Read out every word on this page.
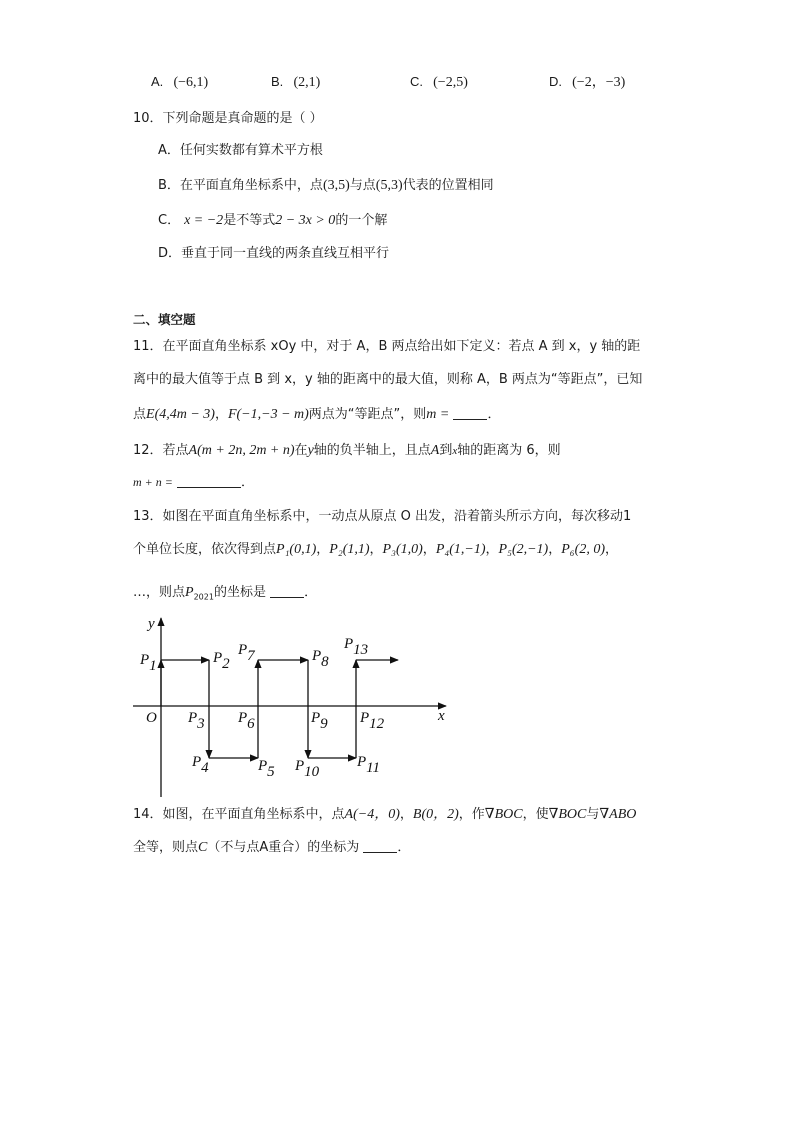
A. (−6,1)	B. (2,1)	C. (−2,5)	D. (−2，−3)
10．下列命题是真命题的是（ ）
A．任何实数都有算术平方根
B．在平面直角坐标系中，点(3,5)与点(5,3)代表的位置相同
C． x = −2是不等式2 − 3x > 0的一个解
D．垂直于同一直线的两条直线互相平行
二、填空题
11．在平面直角坐标系 xOy 中，对于 A，B 两点给出如下定义：若点 A 到 x，y 轴的距
离中的最大值等于点 B 到 x，y 轴的距离中的最大值，则称 A，B 两点为“等距点”，已知
点E(4,4m − 3)，F(−1,−3 − m)两点为“等距点”，则m =	．
12．若点A(m + 2n, 2m + n)在y轴的负半轴上，且点A到x轴的距离为 6，则
m + n =	．
13．如图在平面直角坐标系中，一动点从原点 O 出发，沿着箭头所示方向，每次移动1
个单位长度，依次得到点P₁(0,1)，P₂(1,1)，P₃(1,0)，P₄(1,−1)，P₅(2,−1)，P₆(2, 0)，
…，则点$P_{2021}$的坐标是	．
x
y
O
P1	P2
P3
P4	P5
P6
P7	P8
P9
P10
P11
P12
P13
14．如图，在平面直角坐标系中，点A(−4，0)，B(0，2)，作∇BOC，使∇BOC与∇ABO
全等，则点C（不与点A重合）的坐标为	．
